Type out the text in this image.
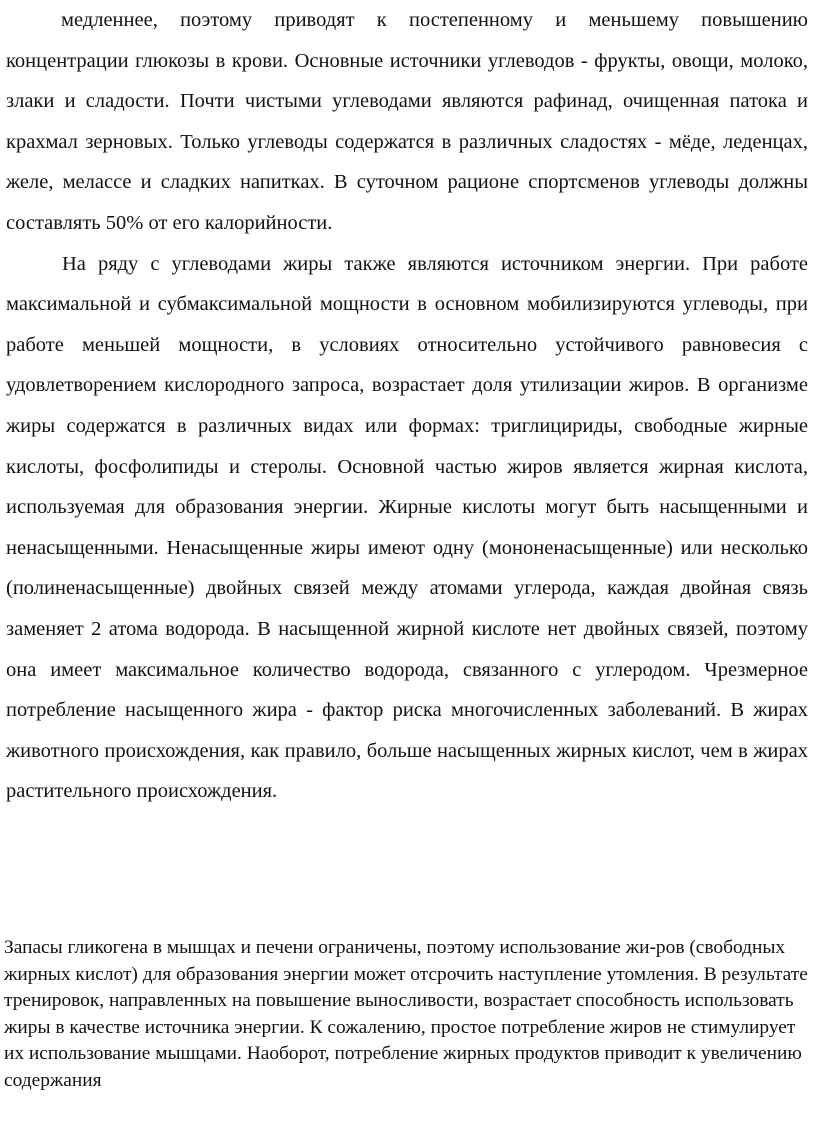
медленнее, поэтому приводят к постепенному и меньшему повышению концентрации глюкозы в крови. Основные источники углеводов - фрукты, овощи, молоко, злаки и сладости. Почти чистыми углеводами являются рафинад, очищенная патока и крахмал зерновых. Только углеводы содержатся в различных сладостях - мёде, леденцах, желе, мелассе и сладких напитках. В суточном рационе спортсменов углеводы должны составлять 50% от его калорийности.

На ряду с углеводами жиры также являются источником энергии. При работе максимальной и субмаксимальной мощности в основном мобилизируются углеводы, при работе меньшей мощности, в условиях относительно устойчивого равновесия с удовлетворением кислородного запроса, возрастает доля утилизации жиров. В организме жиры содержатся в различных видах или формах: триглицириды, свободные жирные кислоты, фосфолипиды и стеролы. Основной частью жиров является жирная кислота, используемая для образования энергии. Жирные кислоты могут быть насыщенными и ненасыщенными. Ненасыщенные жиры имеют одну (мононенасыщенные) или несколько (полиненасыщенные) двойных связей между атомами углерода, каждая двойная связь заменяет 2 атома водорода. В насыщенной жирной кислоте нет двойных связей, поэтому она имеет максимальное количество водорода, связанного с углеродом. Чрезмерное потребление насыщенного жира - фактор риска многочисленных заболеваний. В жирах животного происхождения, как правило, больше насыщенных жирных кислот, чем в жирах растительного происхождения.

Запасы гликогена в мышцах и печени ограничены, поэтому использование жи-ров (свободных жирных кислот) для образования энергии может отсрочить наступление утомления. В результате тренировок, направленных на повышение выносливости, возрастает способность использовать жиры в качестве источника энергии. К сожалению, простое потребление жиров не стимулирует их использование мышцами. Наоборот, потребление жирных продуктов приводит к увеличению содержания
